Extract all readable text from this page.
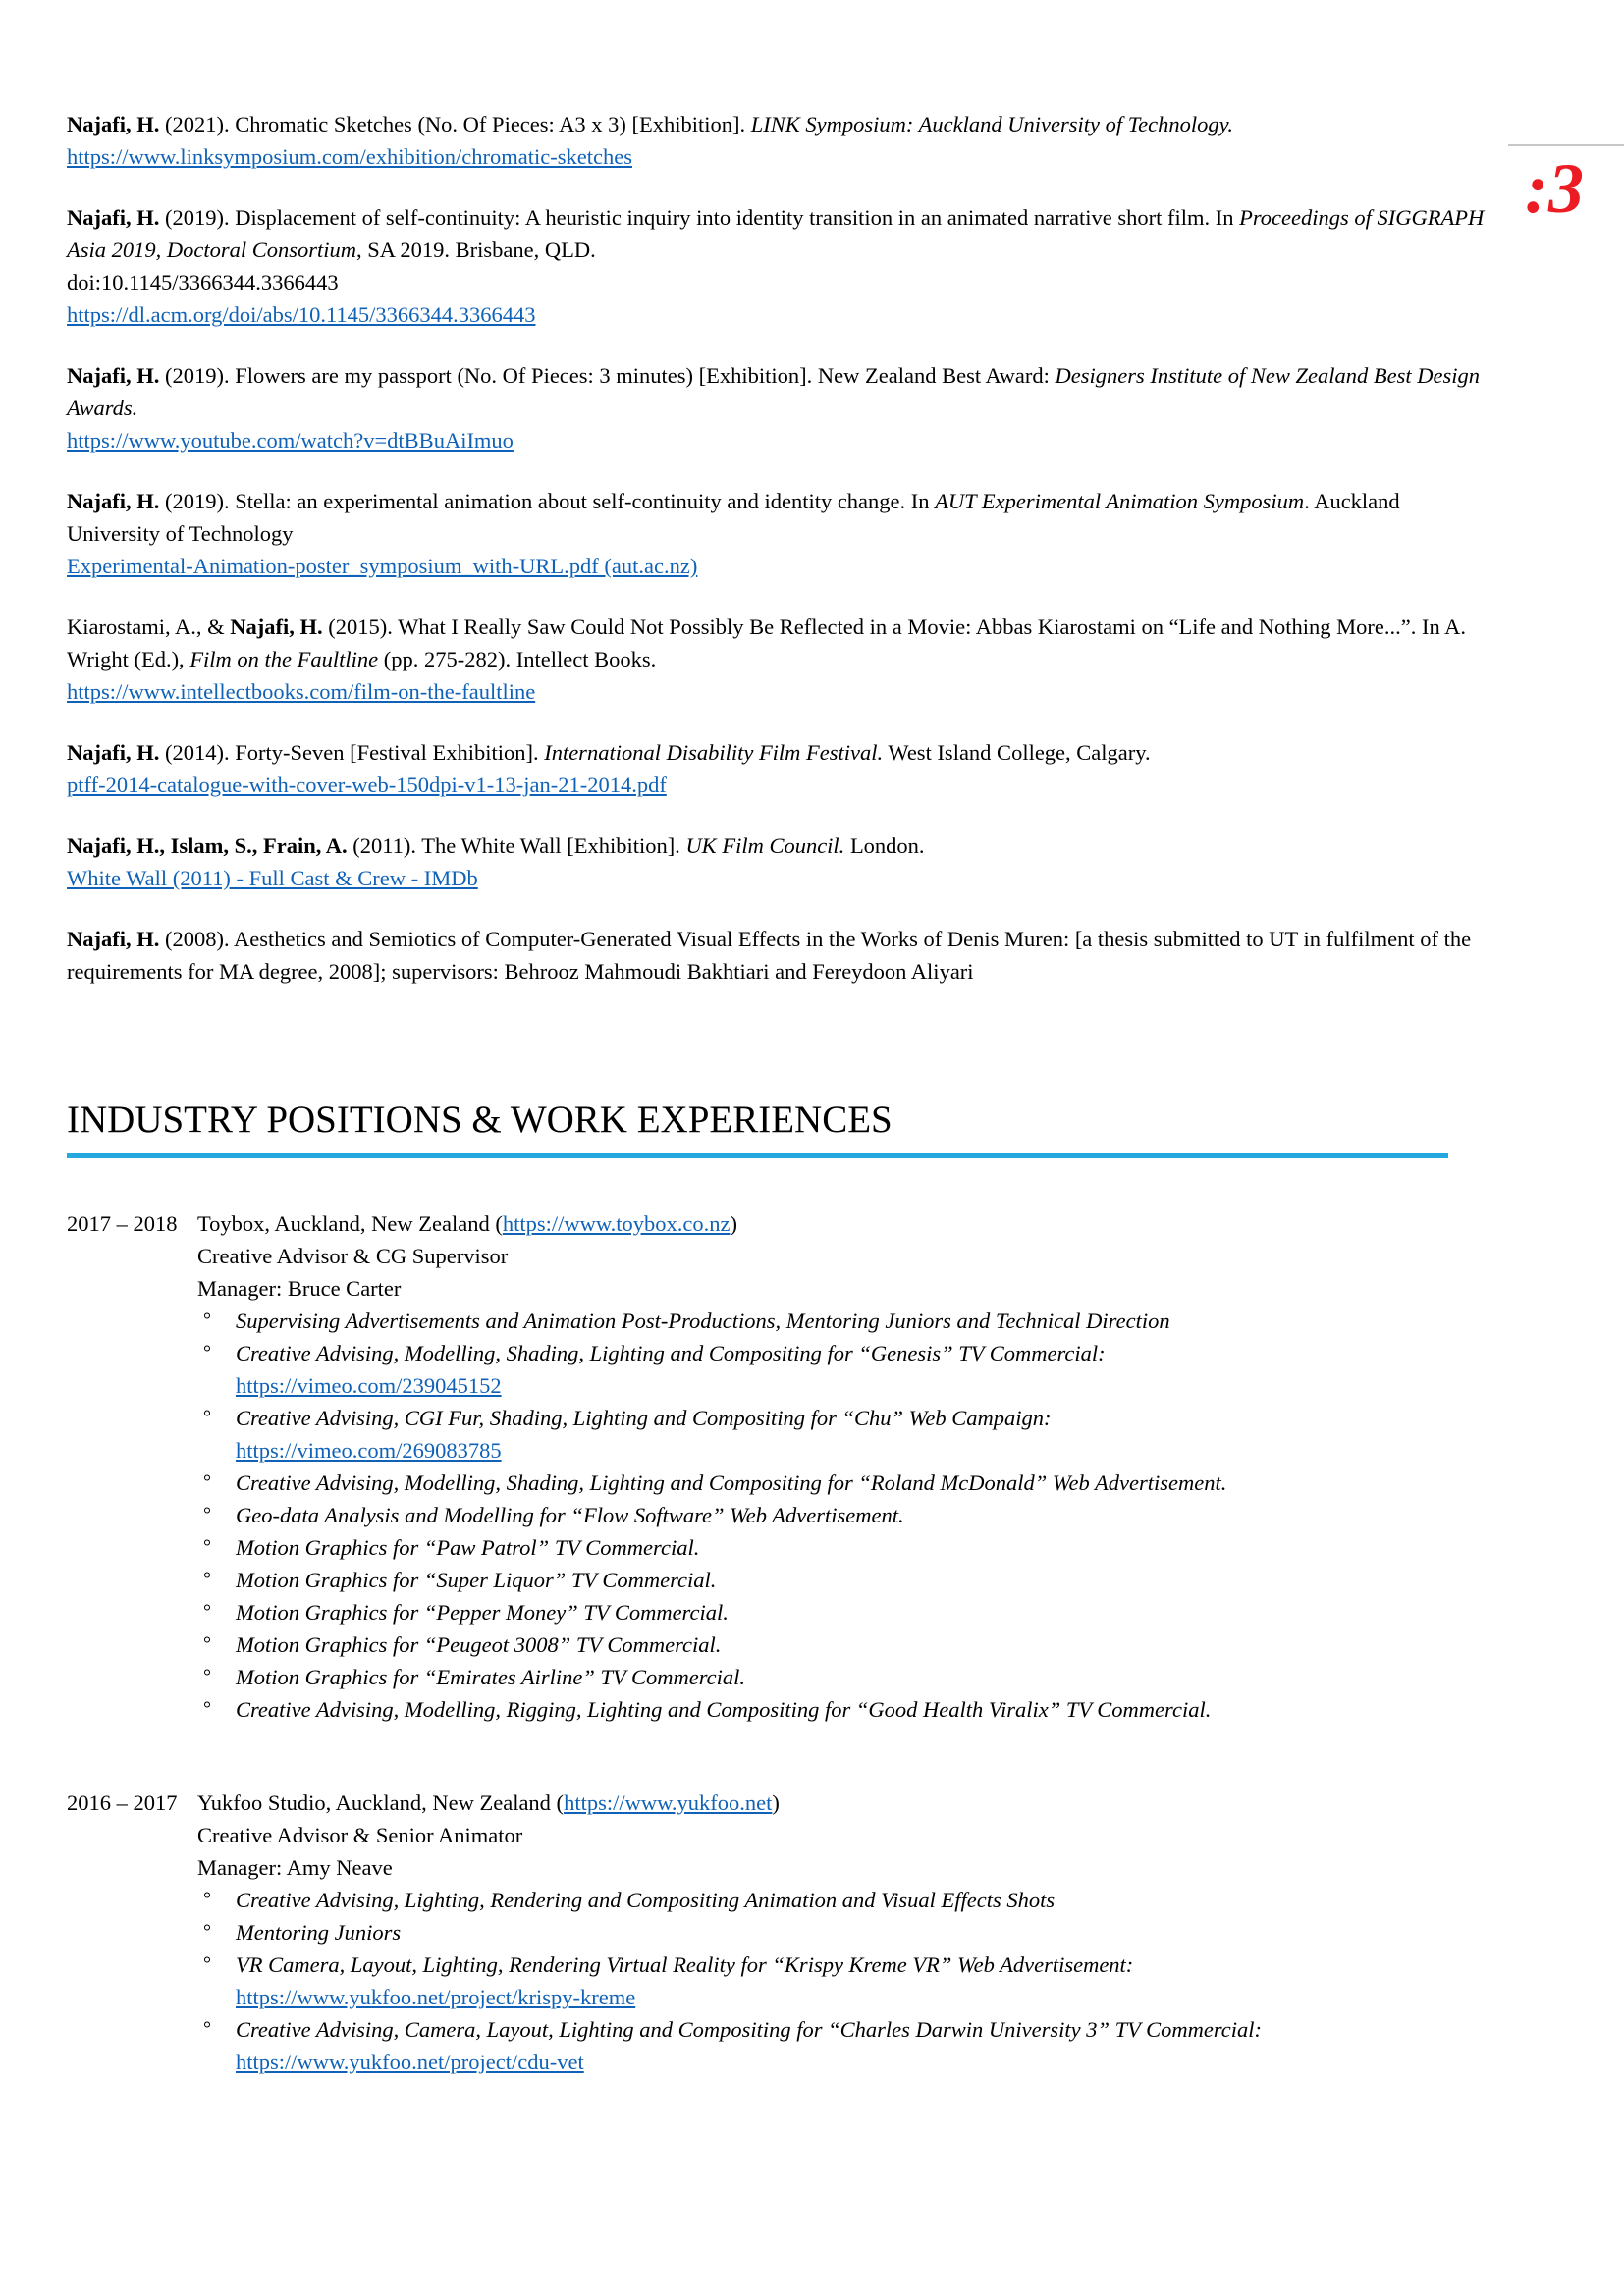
:3
Najafi, H. (2021). Chromatic Sketches (No. Of Pieces: A3 x 3) [Exhibition]. LINK Symposium: Auckland University of Technology.
https://www.linksymposium.com/exhibition/chromatic-sketches
Najafi, H. (2019). Displacement of self-continuity: A heuristic inquiry into identity transition in an animated narrative short film. In Proceedings of SIGGRAPH Asia 2019, Doctoral Consortium, SA 2019. Brisbane, QLD.
doi:10.1145/3366344.3366443
https://dl.acm.org/doi/abs/10.1145/3366344.3366443
Najafi, H. (2019). Flowers are my passport (No. Of Pieces: 3 minutes) [Exhibition]. New Zealand Best Award: Designers Institute of New Zealand Best Design Awards.
https://www.youtube.com/watch?v=dtBBuAiImuo
Najafi, H. (2019). Stella: an experimental animation about self-continuity and identity change. In AUT Experimental Animation Symposium. Auckland University of Technology
Experimental-Animation-poster_symposium_with-URL.pdf (aut.ac.nz)
Kiarostami, A., & Najafi, H. (2015). What I Really Saw Could Not Possibly Be Reflected in a Movie: Abbas Kiarostami on “Life and Nothing More...”. In A. Wright (Ed.), Film on the Faultline (pp. 275-282). Intellect Books.
https://www.intellectbooks.com/film-on-the-faultline
Najafi, H. (2014). Forty-Seven [Festival Exhibition]. International Disability Film Festival. West Island College, Calgary.
ptff-2014-catalogue-with-cover-web-150dpi-v1-13-jan-21-2014.pdf
Najafi, H., Islam, S., Frain, A. (2011). The White Wall [Exhibition]. UK Film Council. London.
White Wall (2011) - Full Cast & Crew - IMDb
Najafi, H. (2008). Aesthetics and Semiotics of Computer-Generated Visual Effects in the Works of Denis Muren: [a thesis submitted to UT in fulfilment of the requirements for MA degree, 2008]; supervisors: Behrooz Mahmoudi Bakhtiari and Fereydoon Aliyari
INDUSTRY POSITIONS & WORK EXPERIENCES
2017 – 2018 Toybox, Auckland, New Zealand (https://www.toybox.co.nz)
Creative Advisor & CG Supervisor
Manager: Bruce Carter
°	Supervising Advertisements and Animation Post-Productions, Mentoring Juniors and Technical Direction
°	Creative Advising, Modelling, Shading, Lighting and Compositing for “Genesis” TV Commercial:
https://vimeo.com/239045152
°	Creative Advising, CGI Fur, Shading, Lighting and Compositing for “Chu” Web Campaign:
https://vimeo.com/269083785
°	Creative Advising, Modelling, Shading, Lighting and Compositing for “Roland McDonald” Web Advertisement.
°	Geo-data Analysis and Modelling for “Flow Software” Web Advertisement.
°	Motion Graphics for “Paw Patrol” TV Commercial.
°	Motion Graphics for “Super Liquor” TV Commercial.
°	Motion Graphics for “Pepper Money” TV Commercial.
°	Motion Graphics for “Peugeot 3008” TV Commercial.
°	Motion Graphics for “Emirates Airline” TV Commercial.
°	Creative Advising, Modelling, Rigging, Lighting and Compositing for “Good Health Viralix” TV Commercial.
2016 – 2017 Yukfoo Studio, Auckland, New Zealand (https://www.yukfoo.net)
Creative Advisor & Senior Animator
Manager: Amy Neave
°	Creative Advising, Lighting, Rendering and Compositing Animation and Visual Effects Shots
°	Mentoring Juniors
°	VR Camera, Layout, Lighting, Rendering Virtual Reality for “Krispy Kreme VR” Web Advertisement:
https://www.yukfoo.net/project/krispy-kreme
°	Creative Advising, Camera, Layout, Lighting and Compositing for “Charles Darwin University 3” TV Commercial:
https://www.yukfoo.net/project/cdu-vet
